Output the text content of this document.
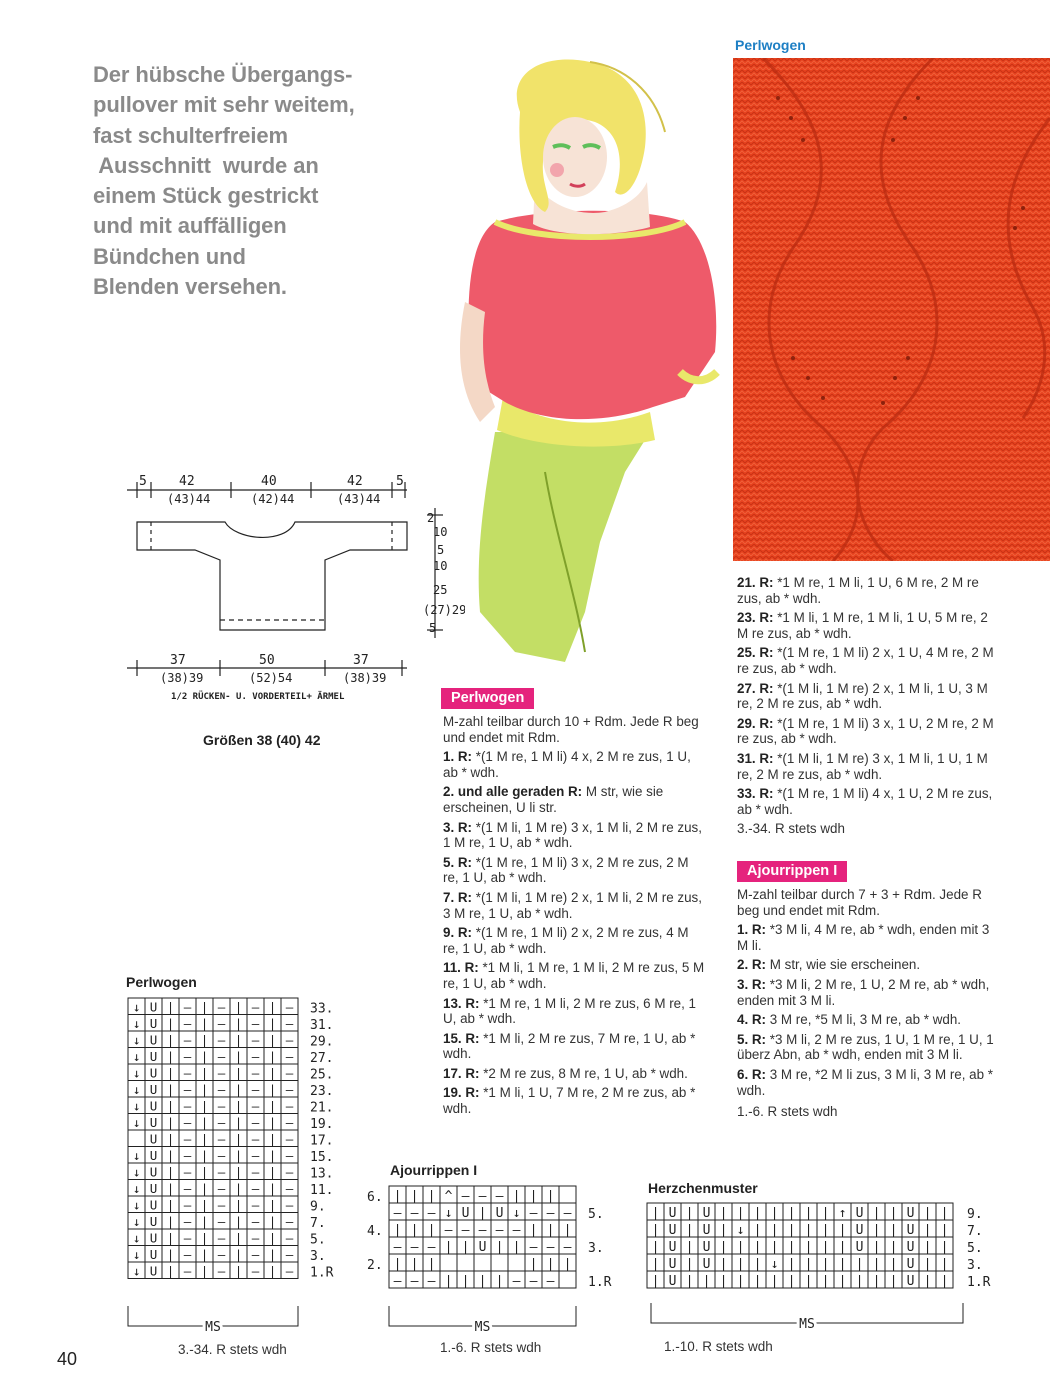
Der hübsche Übergangs-
pullover mit sehr weitem,
fast schulterfreiem
Ausschnitt  wurde an
einem Stück gestrickt
und mit auffälligen
Bündchen und
Blenden versehen.
Perlwogen
5 42
(43)44
40
(42)44
42
(43)44
5
2
10
5
10
25
(27)29
5
37
(38)39
50
(52)54
37
(38)39
1/2 RÜCKEN- U. VORDERTEIL+ ÄRMEL
Größen 38 (40) 42
Perlwogen

M-zahl teilbar durch 10 + Rdm. Jede R beg und endet mit Rdm.

1. R: *(1 M re, 1 M li) 4 x, 2 M re zus, 1 U, ab * wdh.

2. und alle geraden R: M str, wie sie erscheinen, U li str.

3. R: *(1 M li, 1 M re) 3 x, 1 M li, 2 M re zus, 1 M re, 1 U, ab * wdh.

5. R: *(1 M re, 1 M li) 3 x, 2 M re zus, 2 M re, 1 U, ab * wdh.

7. R: *(1 M li, 1 M re) 2 x, 1 M li, 2 M re zus, 3 M re, 1 U, ab * wdh.

9. R: *(1 M re, 1 M li) 2 x, 2 M re zus, 4 M re, 1 U, ab * wdh.

11. R: *1 M li, 1 M re, 1 M li, 2 M re zus, 5 M re, 1 U, ab * wdh.

13. R: *1 M re, 1 M li, 2 M re zus, 6 M re, 1 U, ab * wdh.

15. R: *1 M li, 2 M re zus, 7 M re, 1 U, ab * wdh.

17. R: *2 M re zus, 8 M re, 1 U, ab * wdh.

19. R: *1 M li, 1 U, 7 M re, 2 M re zus, ab * wdh.

21. R: *1 M re, 1 M li, 1 U, 6 M re, 2 M re zus, ab * wdh.

23. R: *1 M li, 1 M re, 1 M li, 1 U, 5 M re, 2 M re zus, ab * wdh.

25. R: *(1 M re, 1 M li) 2 x, 1 U, 4 M re, 2 M re zus, ab * wdh.

27. R: *(1 M li, 1 M re) 2 x, 1 M li, 1 U, 3 M re, 2 M re zus, ab * wdh.

29. R: *(1 M re, 1 M li) 3 x, 1 U, 2 M re, 2 M re zus, ab * wdh.

31. R: *(1 M li, 1 M re) 3 x, 1 M li, 1 U, 1 M re, 2 M re zus, ab * wdh.

33. R: *(1 M re, 1 M li) 4 x, 1 U, 2 M re zus, ab * wdh.

3.-34. R stets wdh

Ajourrippen I

M-zahl teilbar durch 7 + 3 + Rdm. Jede R beg und endet mit Rdm.

1. R: *3 M li, 4 M re, ab * wdh, enden mit 3 M li.

2. R: M str, wie sie erscheinen.

3. R: *3 M li, 2 M re, 1 U, 2 M re, ab * wdh, enden mit 3 M li.

4. R: 3 M re, *5 M li, 3 M re, ab * wdh.

5. R: *3 M li, 2 M re zus, 1 U, 1 M re, 1 U, 1 überz Abn, ab * wdh, enden mit 3 M li.

6. R: 3 M re, *2 M li zus, 3 M li, 3 M re, ab * wdh.

1.-6. R stets wdh

Perlwogen
↓ U | — | — | — | —
↓ U | — | — | — | —
↓ U | — | — | — | —
↓ U | — | — | — | —
↓ U | — | — | — | —
↓ U | — | — | — | —
↓ U | — | — | — | —
↓ U | — | — | — | —
U | — | — | — | —
↓ U | — | — | — | —
↓ U | — | — | — | —
↓ U | — | — | — | —
↓ U | — | — | — | —
↓ U | — | — | — | —
↓ U | — | — | — | —
↓ U | — | — | — | —
↓ U | — | — | — | —
33.
31.
29.
27.
25.
23.
21.
19.
17.
15.
13.
11.
9.
7.
5.
3.
1.R
MS
3.-34. R stets wdh
Ajourrippen I
| | | ^ — — — | | |
— — — ↓ U | U ↓ — — —
| | | — — — — — | | |
— — — | | U | | — — —
| | |	| | |
— — — | | | | — — —
6.
4.
2.
5.
3.
1.R
MS
1.-6. R stets wdh
Herzchenmuster
| U | U | | | | | | | ↑ U | | U | |
| U | U | ↓ | | | | | | U | | U | |
| U | U | | | | | | | | U | | U | |
| U | U | | | ↓ | | | | | | | U | |
| U | | | | | | | | | | | | | U | |
9.
7.
5.
3.
1.R
MS
1.-10. R stets wdh
40
